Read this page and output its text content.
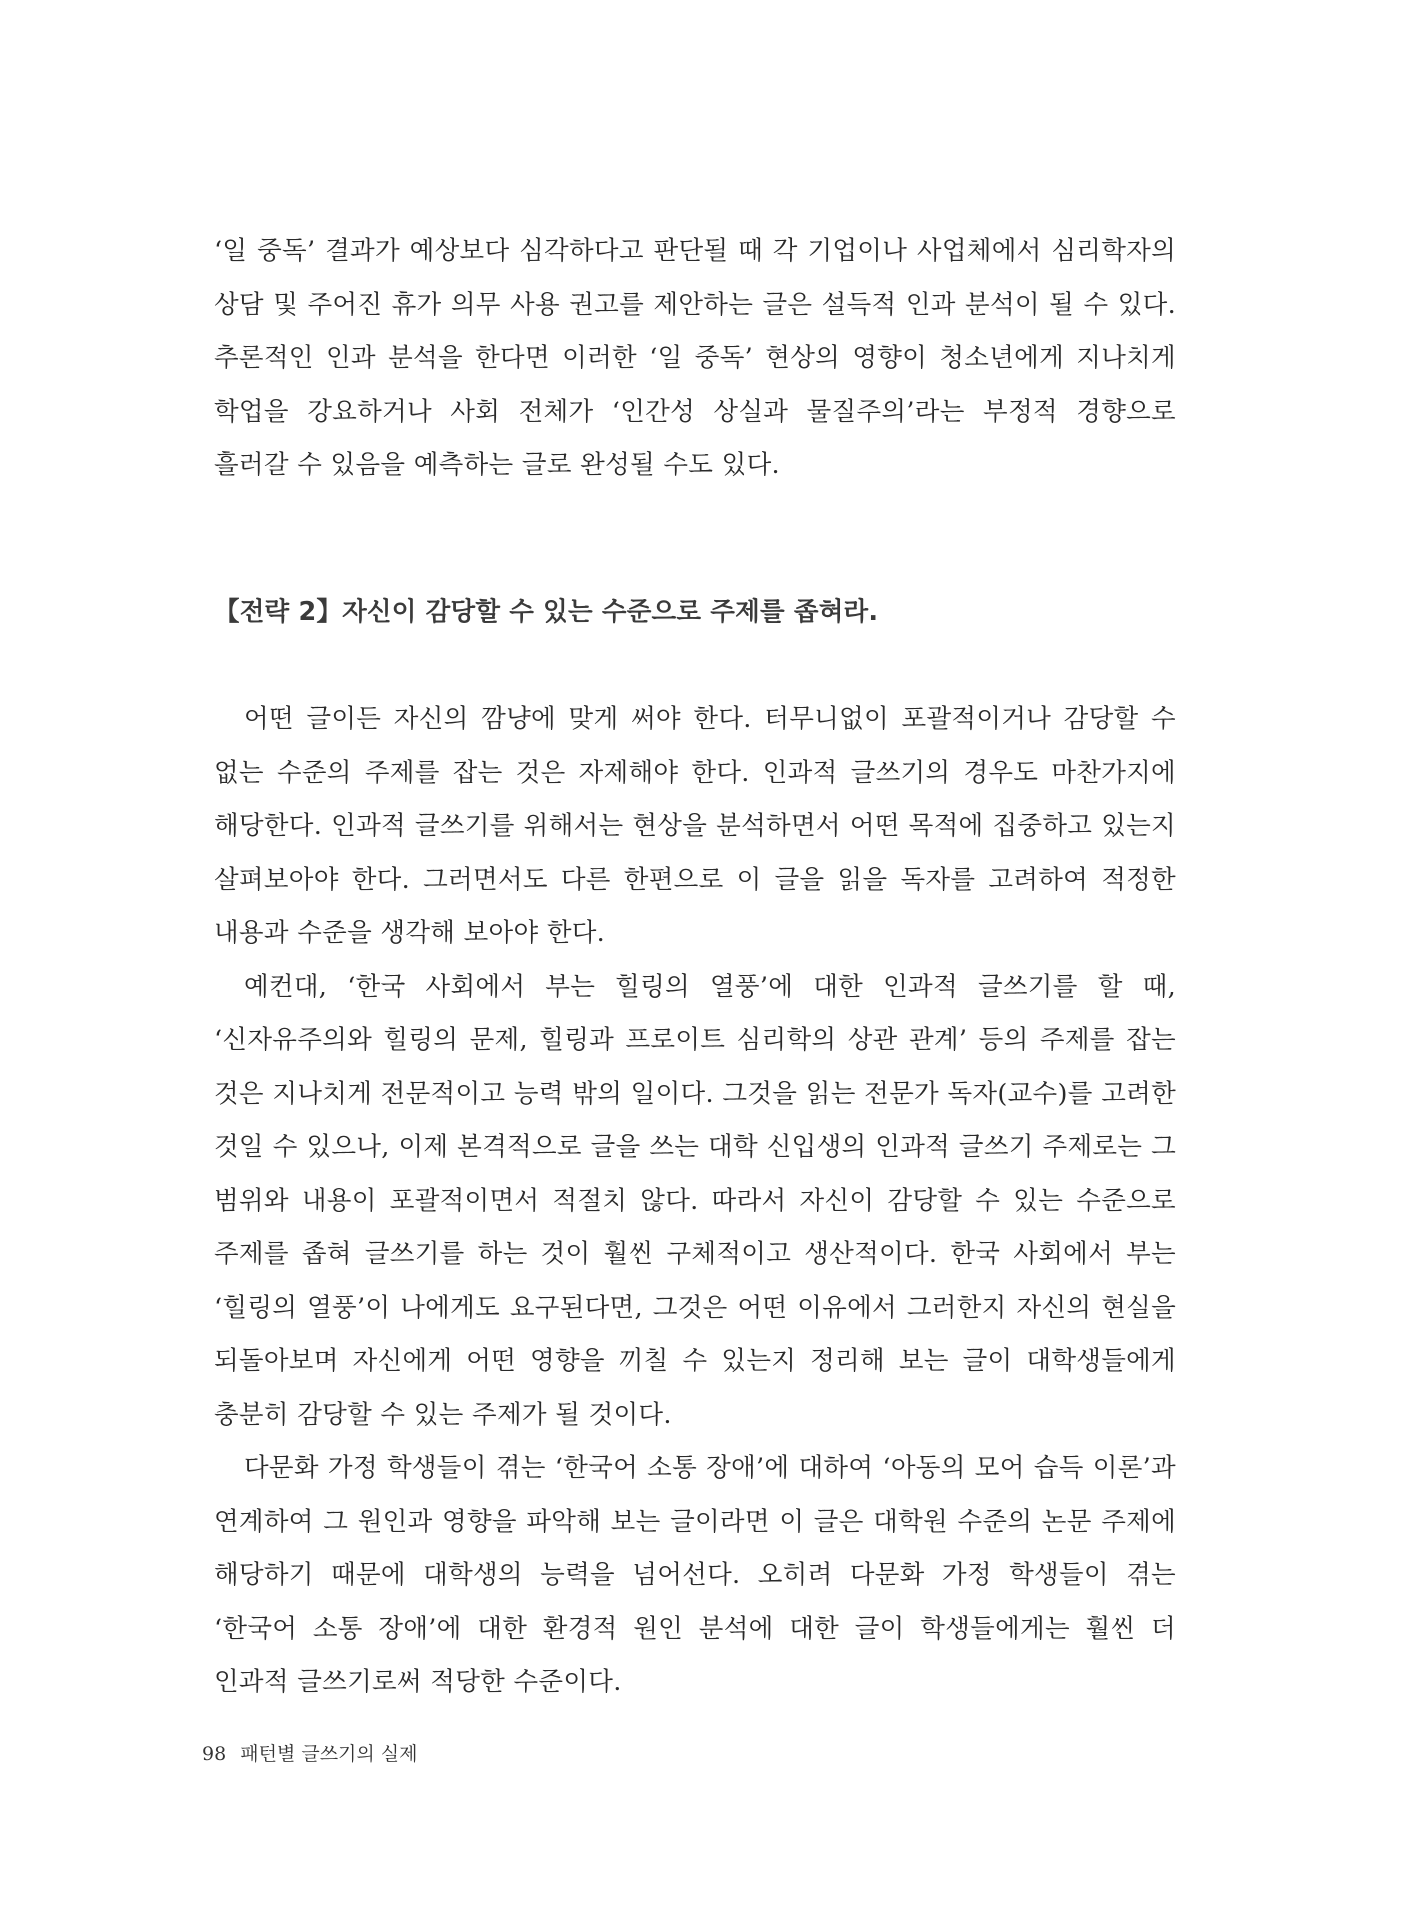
‘일 중독’ 결과가 예상보다 심각하다고 판단될 때 각 기업이나 사업체에서 심리학자의 상담 및 주어진 휴가 의무 사용 권고를 제안하는 글은 설득적 인과 분석이 될 수 있다. 추론적인 인과 분석을 한다면 이러한 ‘일 중독’ 현상의 영향이 청소년에게 지나치게 학업을 강요하거나 사회 전체가 ‘인간성 상실과 물질주의’라는 부정적 경향으로 흘러갈 수 있음을 예측하는 글로 완성될 수도 있다.

【전략 2】자신이 감당할 수 있는 수준으로 주제를 좁혀라.

어떤 글이든 자신의 깜냥에 맞게 써야 한다. 터무니없이 포괄적이거나 감당할 수 없는 수준의 주제를 잡는 것은 자제해야 한다. 인과적 글쓰기의 경우도 마찬가지에 해당한다. 인과적 글쓰기를 위해서는 현상을 분석하면서 어떤 목적에 집중하고 있는지 살펴보아야 한다. 그러면서도 다른 한편으로 이 글을 읽을 독자를 고려하여 적정한 내용과 수준을 생각해 보아야 한다.

예컨대, ‘한국 사회에서 부는 힐링의 열풍’에 대한 인과적 글쓰기를 할 때, ‘신자유주의와 힐링의 문제, 힐링과 프로이트 심리학의 상관 관계’ 등의 주제를 잡는 것은 지나치게 전문적이고 능력 밖의 일이다. 그것을 읽는 전문가 독자(교수)를 고려한 것일 수 있으나, 이제 본격적으로 글을 쓰는 대학 신입생의 인과적 글쓰기 주제로는 그 범위와 내용이 포괄적이면서 적절치 않다. 따라서 자신이 감당할 수 있는 수준으로 주제를 좁혀 글쓰기를 하는 것이 훨씬 구체적이고 생산적이다. 한국 사회에서 부는 ‘힐링의 열풍’이 나에게도 요구된다면, 그것은 어떤 이유에서 그러한지 자신의 현실을 되돌아보며 자신에게 어떤 영향을 끼칠 수 있는지 정리해 보는 글이 대학생들에게 충분히 감당할 수 있는 주제가 될 것이다.

다문화 가정 학생들이 겪는 ‘한국어 소통 장애’에 대하여 ‘아동의 모어 습득 이론’과 연계하여 그 원인과 영향을 파악해 보는 글이라면 이 글은 대학원 수준의 논문 주제에 해당하기 때문에 대학생의 능력을 넘어선다. 오히려 다문화 가정 학생들이 겪는 ‘한국어 소통 장애’에 대한 환경적 원인 분석에 대한 글이 학생들에게는 훨씬 더 인과적 글쓰기로써 적당한 수준이다.

98 패턴별 글쓰기의 실제
